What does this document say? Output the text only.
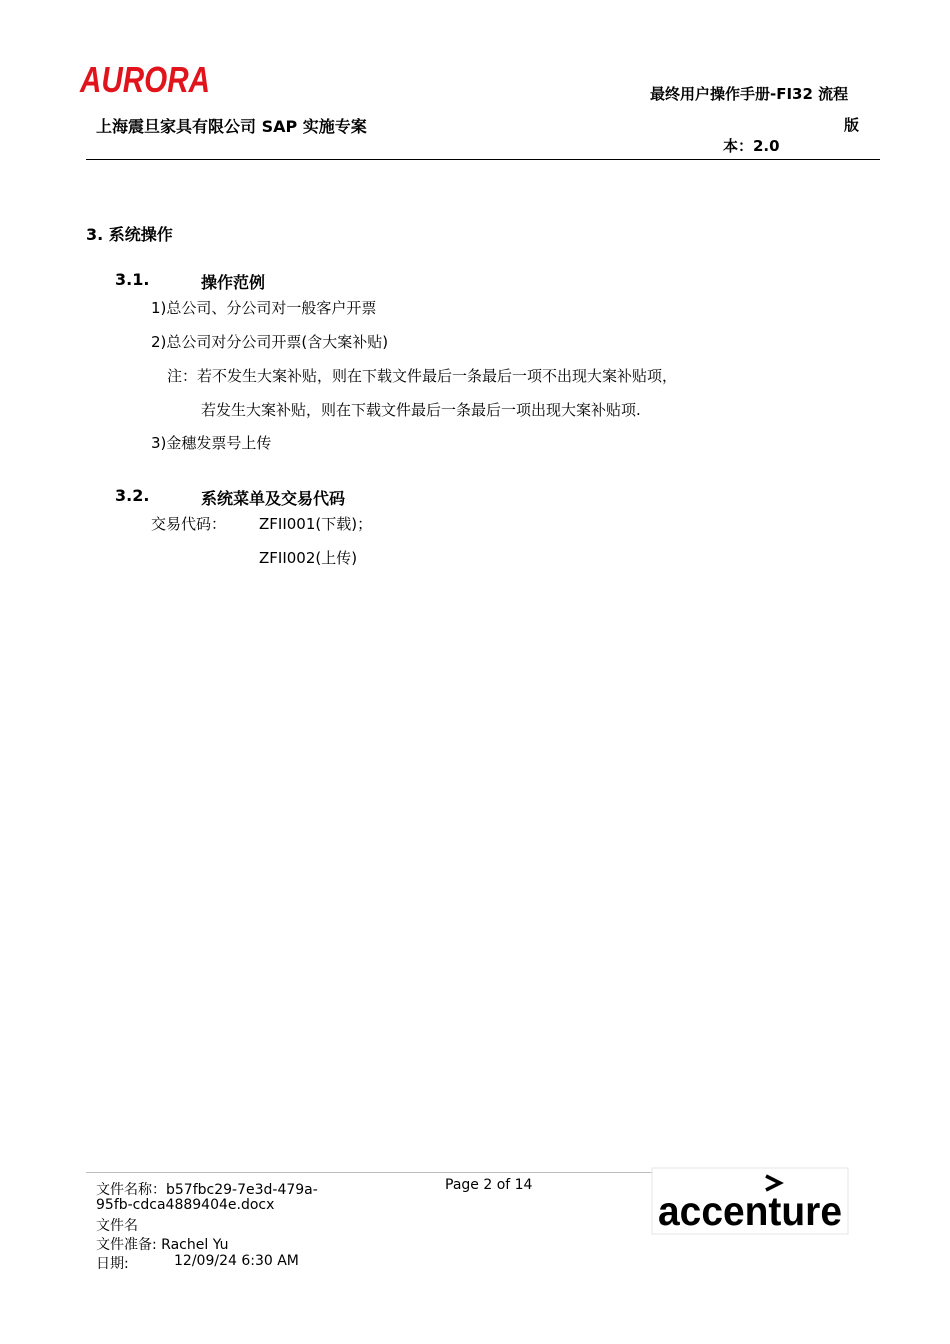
AURORA
上海震旦家具有限公司 SAP 实施专案
最终用户操作手册-FI32 流程
版
本：2.0
3. 系统操作
3.1.	操作范例
1)总公司、分公司对一般客户开票
2)总公司对分公司开票(含大案补贴)
注：若不发生大案补贴，则在下载文件最后一条最后一项不出现大案补贴项，
若发生大案补贴，则在下载文件最后一条最后一项出现大案补贴项.
3)金穗发票号上传
3.2.	系统菜单及交易代码
交易代码： ZFII001(下载)；
ZFII002(上传)
文件名称：b57fbc29-7e3d-479a-
95fb-cdca4889404e.docx
文件名
文件准备: Rachel Yu
日期:	12/09/24 6:30 AM
Page 2 of 14
accenture
